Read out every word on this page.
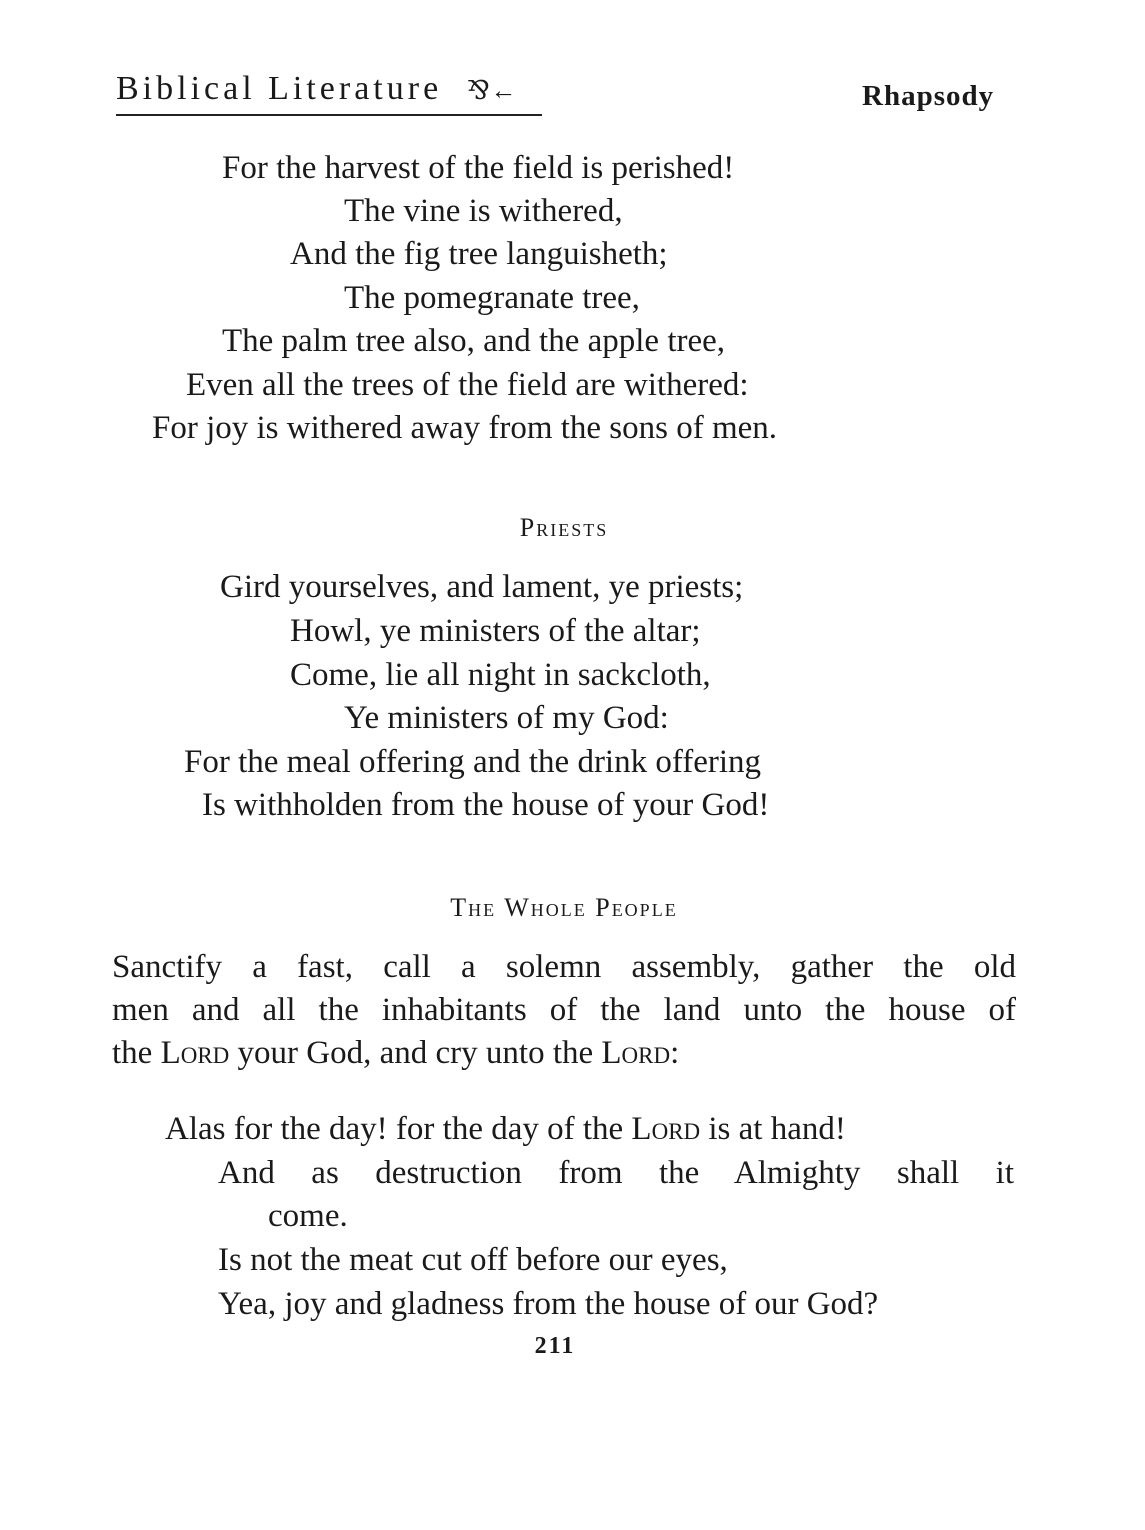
Biblical Literature ⅋←	Rhapsody
For the harvest of the field is perished!
The vine is withered,
And the fig tree languisheth;
The pomegranate tree,
The palm tree also, and the apple tree,
Even all the trees of the field are withered:
For joy is withered away from the sons of men.
Priests
Gird yourselves, and lament, ye priests;
Howl, ye ministers of the altar;
Come, lie all night in sackcloth,
Ye ministers of my God:
For the meal offering and the drink offering
Is withholden from the house of your God!
The Whole People
Sanctify a fast, call a solemn assembly, gather the old
men and all the inhabitants of the land unto the house of
the Lord your God, and cry unto the Lord:
Alas for the day! for the day of the Lord is at hand!
And as destruction from the Almighty shall it
come.
Is not the meat cut off before our eyes,
Yea, joy and gladness from the house of our God?
211
